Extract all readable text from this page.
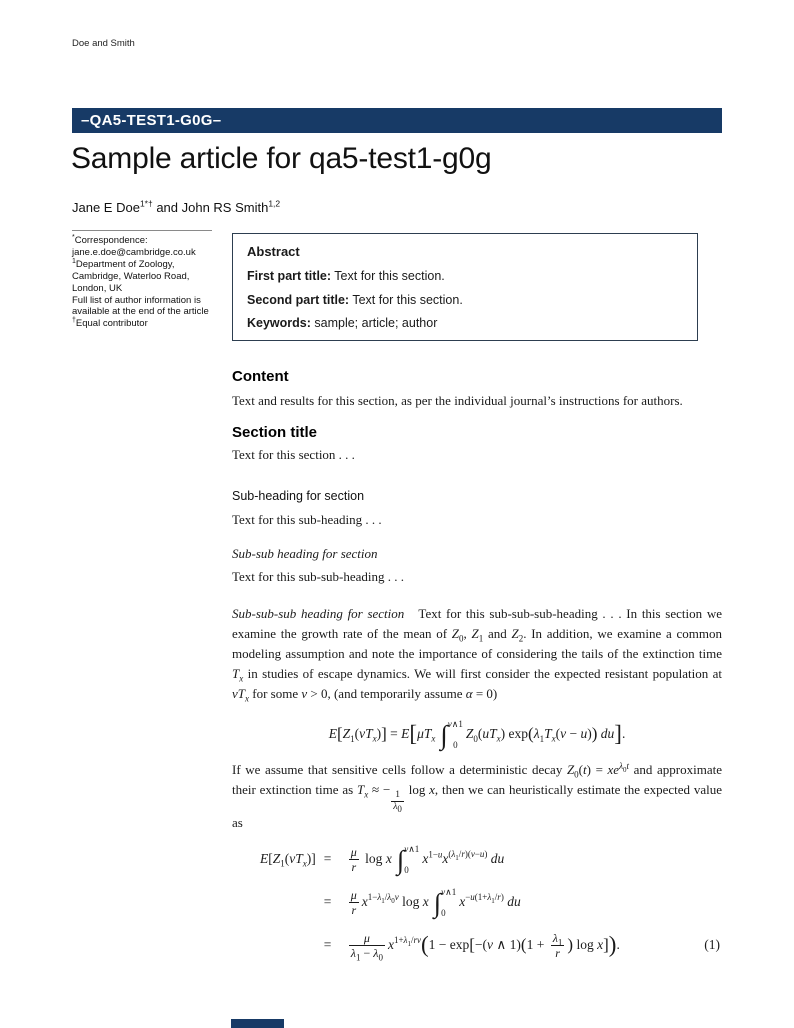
Doe and Smith
–QA5-TEST1-G0G–
Sample article for qa5-test1-g0g
Jane E Doe$^{1*\dagger}$ and John RS Smith$^{1,2}$
*Correspondence:
jane.e.doe@cambridge.co.uk
$^1$Department of Zoology,
Cambridge, Waterloo Road,
London, UK
Full list of author information is
available at the end of the article
†Equal contributor
Abstract

First part title: Text for this section.

Second part title: Text for this section.

Keywords: sample; article; author

Content

Text and results for this section, as per the individual journal’s instructions for authors.

Section title

Text for this section . . .

Sub-heading for section

Text for this sub-heading . . .

Sub-sub heading for section

Text for this sub-sub-heading . . .

Sub-sub-sub heading for section   Text for this sub-sub-sub-heading . . . In this section we examine the growth rate of the mean of $Z_0$, $Z_1$ and $Z_2$. In addition, we examine a common modeling assumption and note the importance of considering the tails of the extinction time $T_x$ in studies of escape dynamics. We will first consider the expected resistant population at $vT_x$ for some v > 0, (and temporarily assume α = 0)

$E[Z_1(vT_x)] = E[\mu T_x$ ∫ v∧1
0
$Z_0(uT_x) \exp(\lambda_1T_x(v - u))$ du].

If we assume that sensitive cells follow a deterministic decay $Z_0(t) = xe^{\lambda_0t}$ and approximate their extinction time as $T_x$ ≈ −
$\frac{1}{\lambda_0}$
log x, then we can heuristically estimate the expected value as

$E[Z_1(vT_x)]$ =	$\frac{\mu}{r}$ log x ∫ v∧1
0
$x^{1-u}x^{(\lambda_1/r)(v-u)}$ du
=	$\frac{\mu}{r} x^{1-\lambda_1/\lambda_0v}$ log x ∫ v∧1
0
$x^{-u(1+\lambda_1/r)}$ du
=	$\frac{\mu}{\lambda_1 - \lambda_0} x^{1+\lambda_1/rv}(1 - \exp[-(v$ ∧ $1)(1 + \frac{\lambda_1}{r}$ ) log x]).	(1)
